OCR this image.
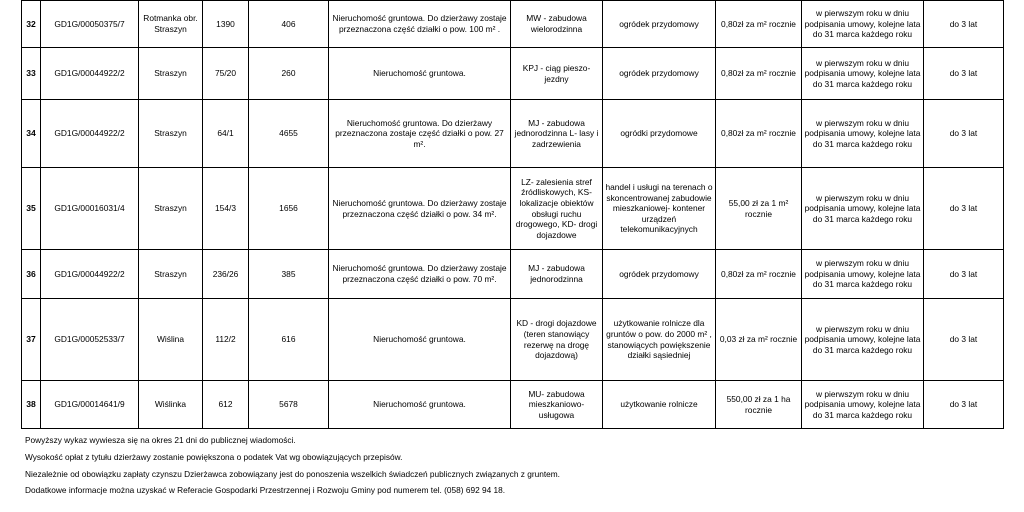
32	GD1G/00050375/7	Rotmanka obr. Straszyn	1390	406	Nieruchomość gruntowa. Do dzierżawy zostaje przeznaczona część działki o pow. 100 m² .	MW - zabudowa wielorodzinna	ogródek przydomowy	0,80zł za m² rocznie	w pierwszym roku w dniu podpisania umowy, kolejne lata do 31 marca każdego roku	do 3 lat
33	GD1G/00044922/2	Straszyn	75/20	260	Nieruchomość gruntowa.	KPJ - ciąg pieszo-jezdny	ogródek przydomowy	0,80zł za m² rocznie	w pierwszym roku w dniu podpisania umowy, kolejne lata do 31 marca każdego roku	do 3 lat
34	GD1G/00044922/2	Straszyn	64/1	4655	Nieruchomość gruntowa. Do dzierżawy przeznaczona zostaje część działki o pow. 27 m².	MJ - zabudowa jednorodzinna L- lasy i zadrzewienia	ogródki przydomowe	0,80zł za m² rocznie	w pierwszym roku w dniu podpisania umowy, kolejne lata do 31 marca każdego roku	do 3 lat
35	GD1G/00016031/4	Straszyn	154/3	1656	Nieruchomość gruntowa. Do dzierżawy zostaje przeznaczona część działki o pow. 34 m².	LZ- zalesienia stref źródliskowych, KS- lokalizacje obiektów obsługi ruchu drogowego, KD- drogi dojazdowe	handel i usługi na terenach o skoncentrowanej zabudowie mieszkaniowej- kontener urządzeń telekomunikacyjnych	55,00 zł za 1 m² rocznie	w pierwszym roku w dniu podpisania umowy, kolejne lata do 31 marca każdego roku	do 3 lat
36	GD1G/00044922/2	Straszyn	236/26	385	Nieruchomość gruntowa. Do dzierżawy zostaje przeznaczona część działki o pow. 70 m².	MJ - zabudowa jednorodzinna	ogródek przydomowy	0,80zł za m² rocznie	w pierwszym roku w dniu podpisania umowy, kolejne lata do 31 marca każdego roku	do 3 lat
37	GD1G/00052533/7	Wiślina	112/2	616	Nieruchomość gruntowa.	KD - drogi dojazdowe (teren stanowiący rezerwę na drogę dojazdową)	użytkowanie rolnicze dla gruntów o pow. do 2000 m² , stanowiących powiększenie działki sąsiedniej	0,03 zł za m² rocznie	w pierwszym roku w dniu podpisania umowy, kolejne lata do 31 marca każdego roku	do 3 lat
38	GD1G/00014641/9	Wiślinka	612	5678	Nieruchomość gruntowa.	MU- zabudowa mieszkaniowo-usługowa	użytkowanie rolnicze	550,00 zł za 1 ha rocznie	w pierwszym roku w dniu podpisania umowy, kolejne lata do 31 marca każdego roku	do 3 lat

Powyższy wykaz wywiesza się na okres 21 dni do publicznej wiadomości.

Wysokość opłat z tytułu dzierżawy zostanie powiększona o podatek Vat wg obowiązujących przepisów.

Niezależnie od obowiązku zapłaty czynszu Dzierżawca zobowiązany jest do ponoszenia wszelkich świadczeń publicznych związanych z gruntem.

Dodatkowe informacje można uzyskać w Referacie Gospodarki Przestrzennej i Rozwoju Gminy pod numerem tel. (058) 692 94 18.
